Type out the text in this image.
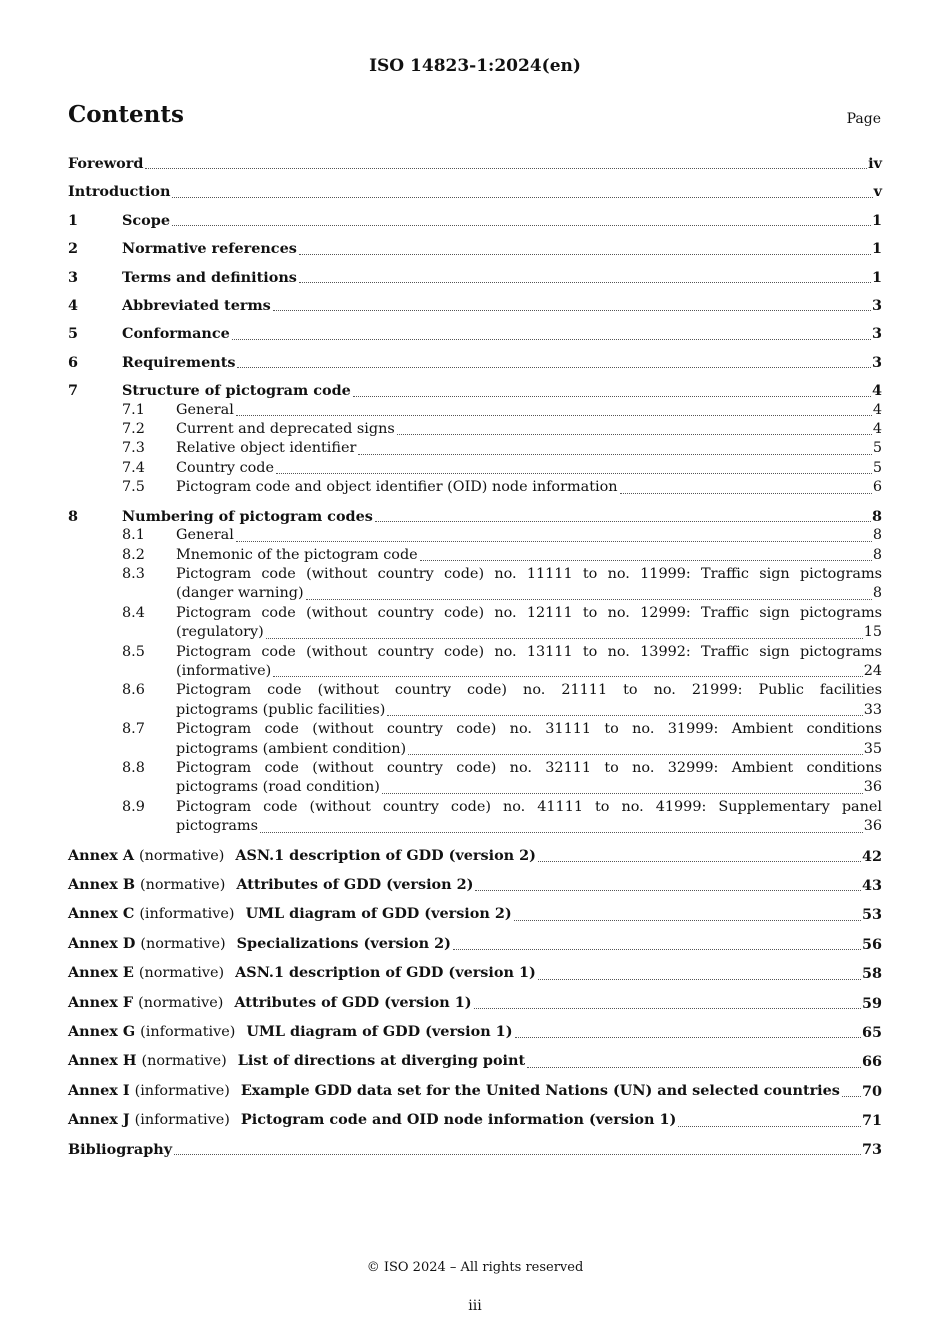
ISO 14823-1:2024(en)
Contents	Page
Foreword	iv
Introduction	v
1	Scope	1
2	Normative references	1
3	Terms and definitions	1
4	Abbreviated terms	3
5	Conformance	3
6	Requirements	3
7	Structure of pictogram code	4
7.1	General	4
7.2	Current and deprecated signs	4
7.3	Relative object identifier	5
7.4	Country code	5
7.5	Pictogram code and object identifier (OID) node information	6
8	Numbering of pictogram codes	8
8.1	General	8
8.2	Mnemonic of the pictogram code	8
8.3	Pictogram code (without country code) no. 11111 to no. 11999: Traffic sign pictograms
(danger warning)	8
8.4	Pictogram code (without country code) no. 12111 to no. 12999: Traffic sign pictograms
(regulatory)	15
8.5	Pictogram code (without country code) no. 13111 to no. 13992: Traffic sign pictograms
(informative)	24
8.6	Pictogram code (without country code) no. 21111 to no. 21999: Public facilities
pictograms (public facilities)	33
8.7	Pictogram code (without country code) no. 31111 to no. 31999: Ambient conditions
pictograms (ambient condition)	35
8.8	Pictogram code (without country code) no. 32111 to no. 32999: Ambient conditions
pictograms (road condition)	36
8.9	Pictogram code (without country code) no. 41111 to no. 41999: Supplementary panel
pictograms	36
Annex A (normative) ASN.1 description of GDD (version 2)	42
Annex B (normative) Attributes of GDD (version 2)	43
Annex C (informative) UML diagram of GDD (version 2)	53
Annex D (normative) Specializations (version 2)	56
Annex E (normative) ASN.1 description of GDD (version 1)	58
Annex F (normative) Attributes of GDD (version 1)	59
Annex G (informative) UML diagram of GDD (version 1)	65
Annex H (normative) List of directions at diverging point	66
Annex I (informative) Example GDD data set for the United Nations (UN) and selected countries 70
Annex J (informative) Pictogram code and OID node information (version 1)	71
Bibliography	73
© ISO 2024 – All rights reserved
iii
